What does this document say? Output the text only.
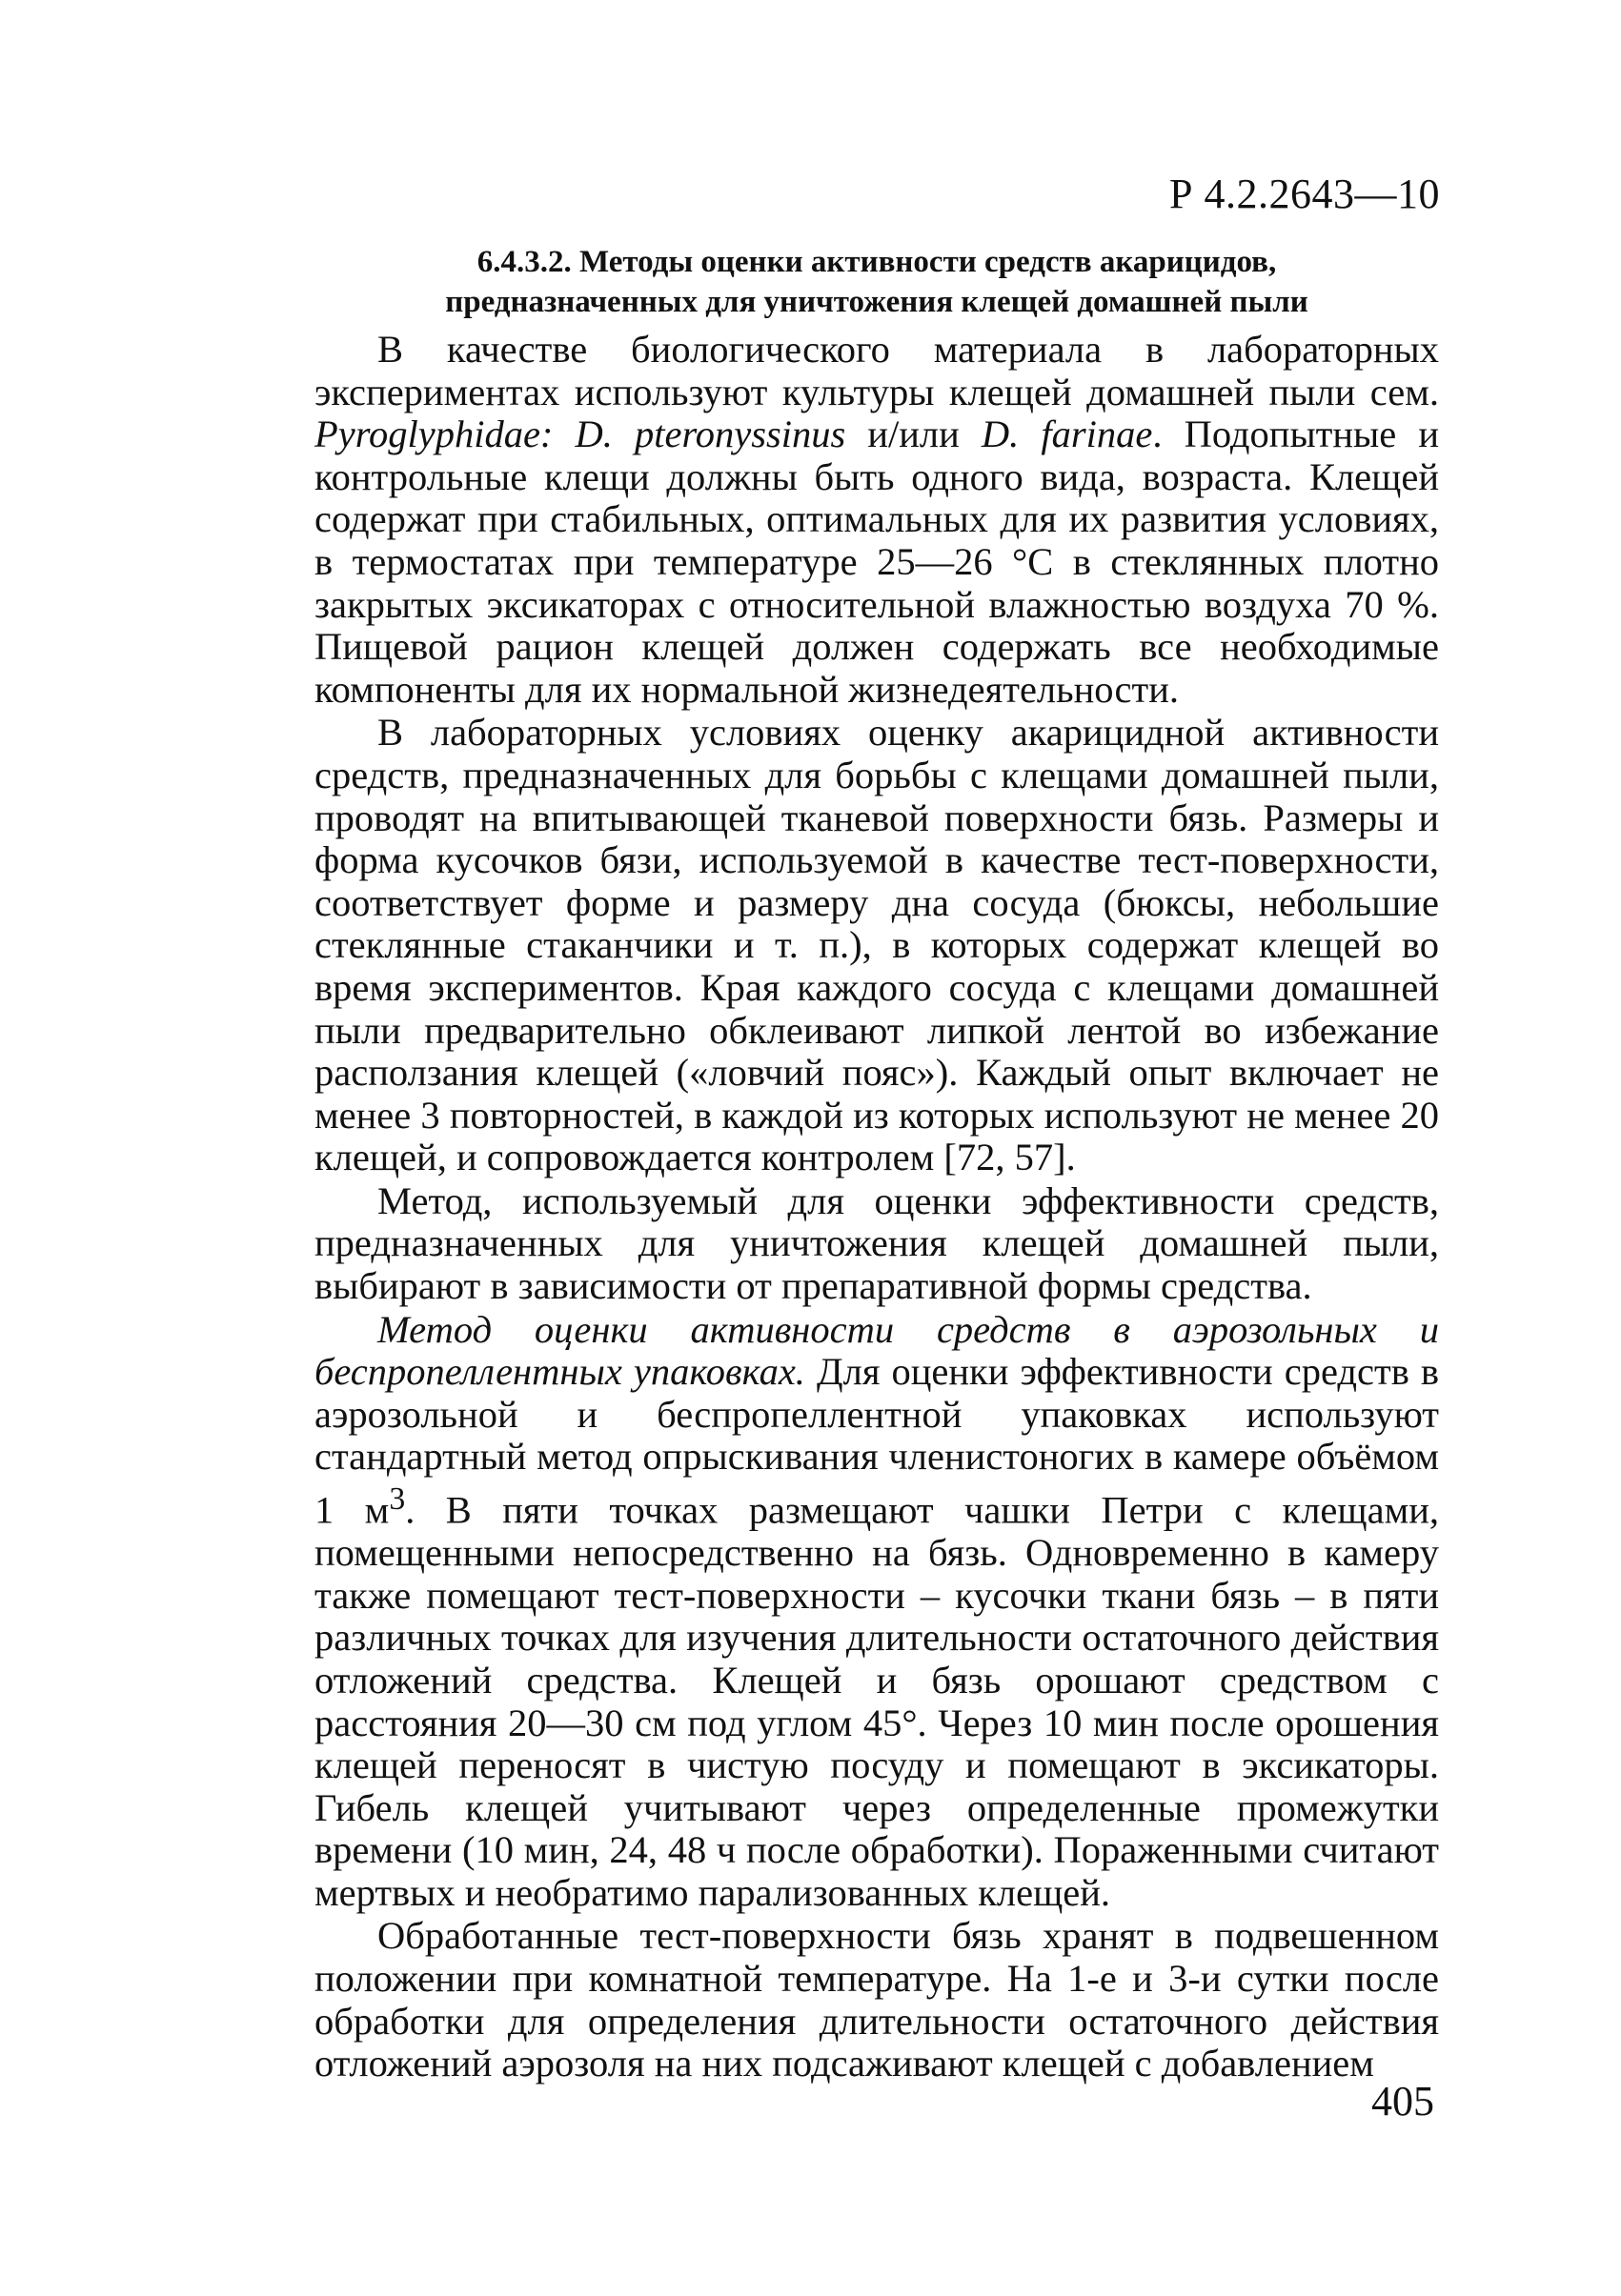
Р 4.2.2643—10
6.4.3.2. Методы оценки активности средств акарицидов,
предназначенных для уничтожения клещей домашней пыли

В качестве биологического материала в лабораторных экспериментах используют культуры клещей домашней пыли сем. Pyroglyphidae: D. pteronyssinus и/или D. farinae. Подопытные и контрольные клещи должны быть одного вида, возраста. Клещей содержат при стабильных, оптимальных для их развития условиях, в термостатах при температуре 25—26 °С в стеклянных плотно закрытых эксикаторах с относительной влажностью воздуха 70 %. Пищевой рацион клещей должен содержать все необходимые компоненты для их нормальной жизнедеятельности.

В лабораторных условиях оценку акарицидной активности средств, предназначенных для борьбы с клещами домашней пыли, проводят на впитывающей тканевой поверхности бязь. Размеры и форма кусочков бязи, используемой в качестве тест-поверхности, соответствует форме и размеру дна сосуда (бюксы, небольшие стеклянные стаканчики и т. п.), в которых содержат клещей во время экспериментов. Края каждого сосуда с клещами домашней пыли предварительно обклеивают липкой лентой во избежание расползания клещей («ловчий пояс»). Каждый опыт включает не менее 3 повторностей, в каждой из которых используют не менее 20 клещей, и сопровождается контролем [72, 57].

Метод, используемый для оценки эффективности средств, предназначенных для уничтожения клещей домашней пыли, выбирают в зависимости от препаративной формы средства.

Метод оценки активности средств в аэрозольных и беспропеллентных упаковках. Для оценки эффективности средств в аэрозольной и беспропеллентной упаковках используют стандартный метод опрыскивания членистоногих в камере объёмом 1 $м^3$. В пяти точках размещают чашки Петри с клещами, помещенными непосредственно на бязь. Одновременно в камеру также помещают тест-поверхности – кусочки ткани бязь – в пяти различных точках для изучения длительности остаточного действия отложений средства. Клещей и бязь орошают средством с расстояния 20—30 см под углом 45°. Через 10 мин после орошения клещей переносят в чистую посуду и помещают в эксикаторы. Гибель клещей учитывают через определенные промежутки времени (10 мин, 24, 48 ч после обработки). Пораженными считают мертвых и необратимо парализованных клещей.

Обработанные тест-поверхности бязь хранят в подвешенном положении при комнатной температуре. На 1-е и 3-и сутки после обработки для определения длительности остаточного действия отложений аэрозоля на них подсаживают клещей с добавлением

405
